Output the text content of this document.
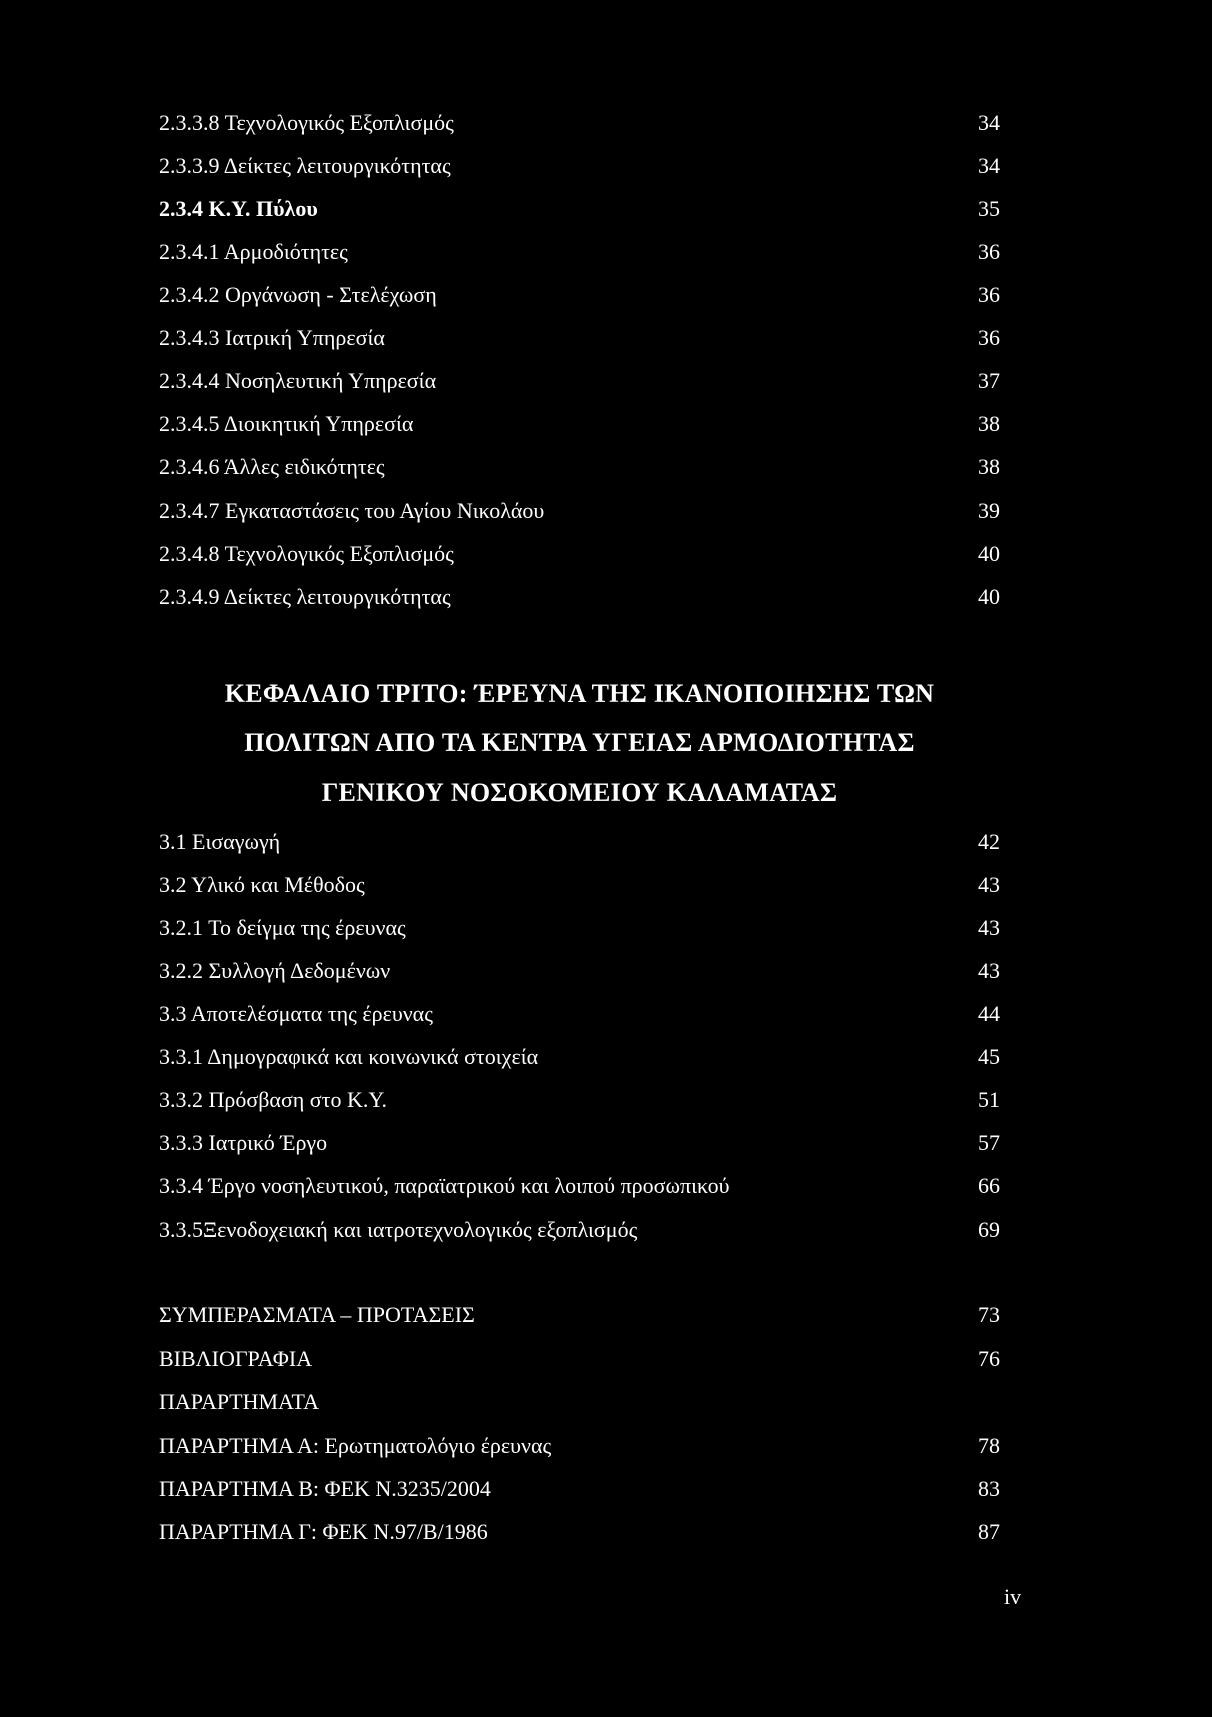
2.3.3.8 Τεχνολογικός Εξοπλισμός	34
2.3.3.9 Δείκτες λειτουργικότητας	34
2.3.4 Κ.Υ. Πύλου	35
2.3.4.1 Αρμοδιότητες	36
2.3.4.2 Οργάνωση - Στελέχωση	36
2.3.4.3 Ιατρική Υπηρεσία	36
2.3.4.4 Νοσηλευτική Υπηρεσία	37
2.3.4.5 Διοικητική Υπηρεσία	38
2.3.4.6 Άλλες ειδικότητες	38
2.3.4.7 Εγκαταστάσεις του Αγίου Νικολάου	39
2.3.4.8 Τεχνολογικός Εξοπλισμός	40
2.3.4.9 Δείκτες λειτουργικότητας	40
ΚΕΦΑΛΑΙΟ ΤΡΙΤΟ: ΈΡΕΥΝΑ ΤΗΣ ΙΚΑΝΟΠΟΙΗΣΗΣ ΤΩΝ
ΠΟΛΙΤΩΝ ΑΠΟ ΤΑ ΚΕΝΤΡΑ ΥΓΕΙΑΣ ΑΡΜΟΔΙΟΤΗΤΑΣ
ΓΕΝΙΚΟΥ ΝΟΣΟΚΟΜΕΙΟΥ ΚΑΛΑΜΑΤΑΣ
3.1 Εισαγωγή	42
3.2 Υλικό και Μέθοδος	43
3.2.1 Το δείγμα της έρευνας	43
3.2.2 Συλλογή Δεδομένων	43
3.3 Αποτελέσματα της έρευνας	44
3.3.1 Δημογραφικά και κοινωνικά στοιχεία	45
3.3.2 Πρόσβαση στο Κ.Υ.	51
3.3.3 Ιατρικό Έργο	57
3.3.4 Έργο νοσηλευτικού, παραϊατρικού και λοιπού προσωπικού	66
3.3.5Ξενοδοχειακή και ιατροτεχνολογικός εξοπλισμός	69
ΣΥΜΠΕΡΑΣΜΑΤΑ – ΠΡΟΤΑΣΕΙΣ	73
ΒΙΒΛΙΟΓΡΑΦΙΑ	76
ΠΑΡΑΡΤΗΜΑΤΑ
ΠΑΡΑΡΤΗΜΑ Α: Ερωτηματολόγιο έρευνας	78
ΠΑΡΑΡΤΗΜΑ Β: ΦΕΚ Ν.3235/2004	83
ΠΑΡΑΡΤΗΜΑ Γ: ΦΕΚ Ν.97/Β/1986	87
iv
